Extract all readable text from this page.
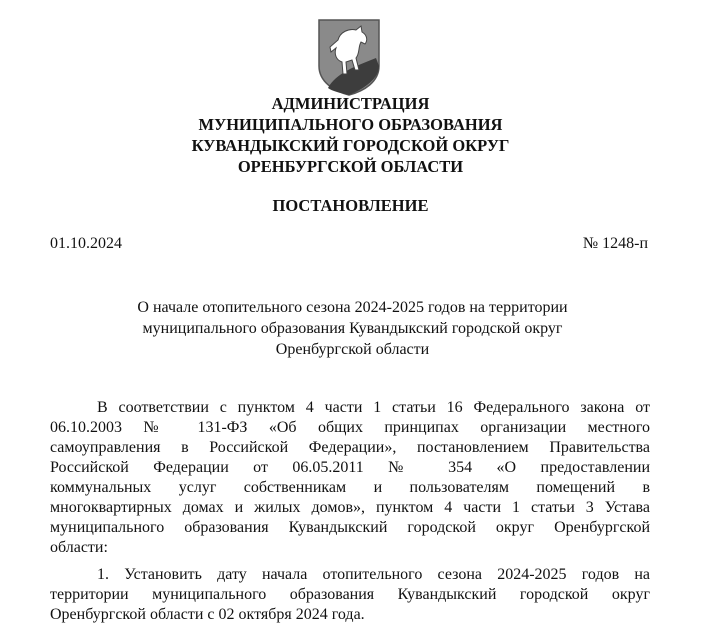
АДМИНИСТРАЦИЯ
МУНИЦИПАЛЬНОГО ОБРАЗОВАНИЯ
КУВАНДЫКСКИЙ ГОРОДСКОЙ ОКРУГ
ОРЕНБУРГСКОЙ ОБЛАСТИ
ПОСТАНОВЛЕНИЕ
01.10.2024	№ 1248-п
О начале отопительного сезона 2024-2025 годов на территории
муниципального образования Кувандыкский городской округ
Оренбургской области
В соответствии с пунктом 4 части 1 статьи 16 Федерального закона от
06.10.2003 № 131-ФЗ «Об общих принципах организации местного
самоуправления в Российской Федерации», постановлением Правительства
Российской Федерации от 06.05.2011 № 354 «О предоставлении
коммунальных услуг собственникам и пользователям помещений в
многоквартирных домах и жилых домов», пунктом 4 части 1 статьи 3 Устава
муниципального образования Кувандыкский городской округ Оренбургской
области:
1. Установить дату начала отопительного сезона 2024-2025 годов на
территории муниципального образования Кувандыкский городской округ
Оренбургской области с 02 октября 2024 года.
